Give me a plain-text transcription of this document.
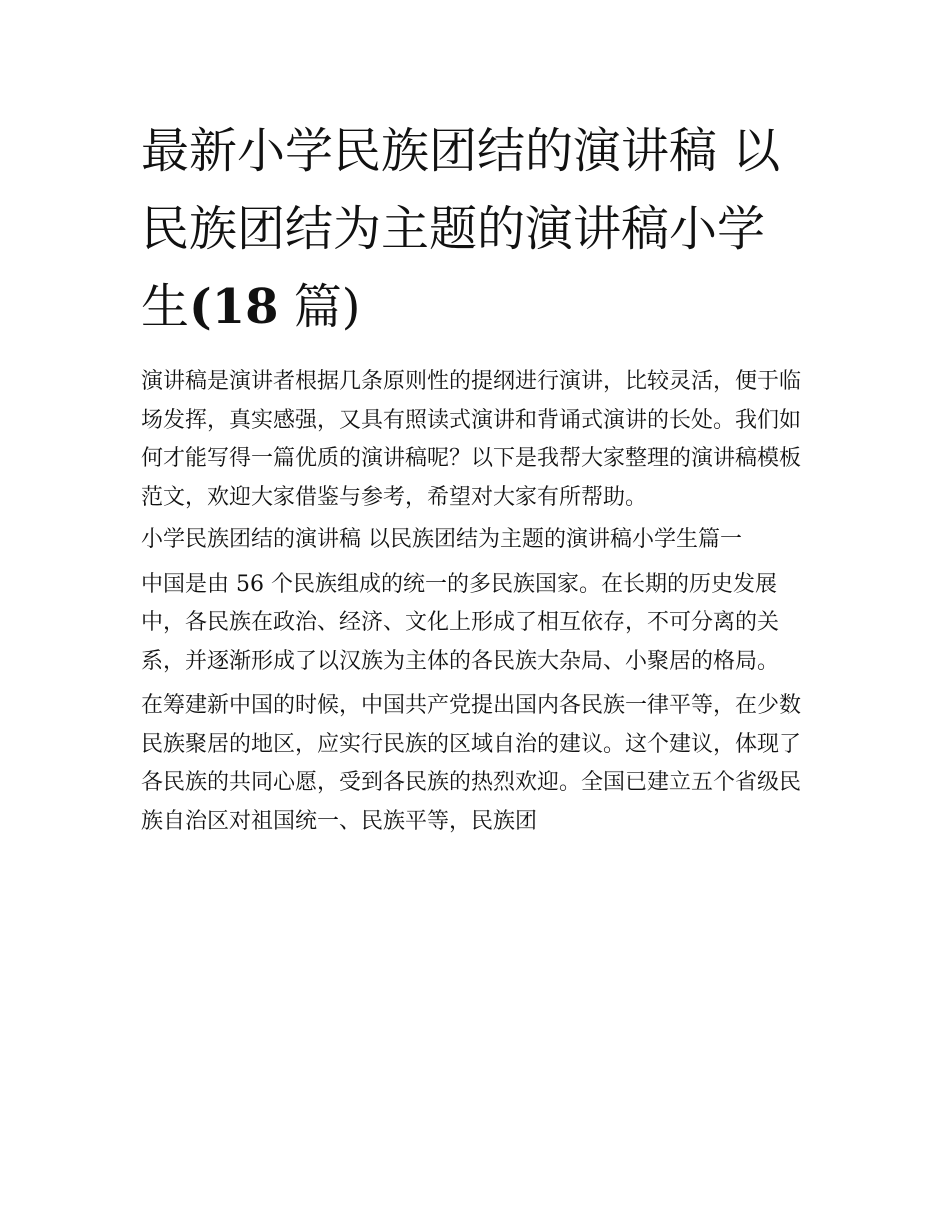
最新小学民族团结的演讲稿 以
民族团结为主题的演讲稿小学
生(18 篇)

演讲稿是演讲者根据几条原则性的提纲进行演讲，比较灵活，便于临场发挥，真实感强，又具有照读式演讲和背诵式演讲的长处。我们如何才能写得一篇优质的演讲稿呢？以下是我帮大家整理的演讲稿模板范文，欢迎大家借鉴与参考，希望对大家有所帮助。

小学民族团结的演讲稿 以民族团结为主题的演讲稿小学生篇一

中国是由 56 个民族组成的统一的多民族国家。在长期的历史发展中，各民族在政治、经济、文化上形成了相互依存，不可分离的关系，并逐渐形成了以汉族为主体的各民族大杂局、小聚居的格局。

在筹建新中国的时候，中国共产党提出国内各民族一律平等，在少数民族聚居的地区，应实行民族的区域自治的建议。这个建议，体现了各民族的共同心愿，受到各民族的热烈欢迎。全国已建立五个省级民族自治区对祖国统一、民族平等，民族团
